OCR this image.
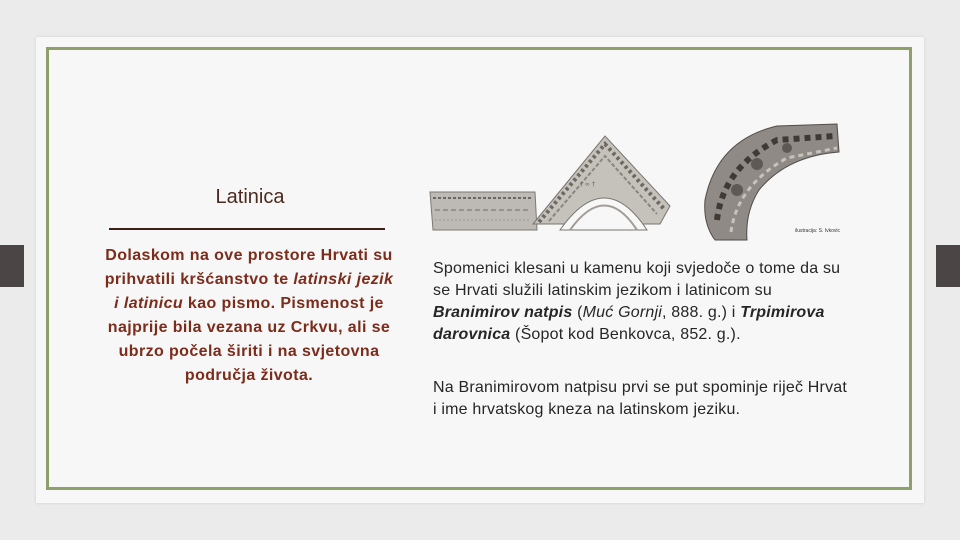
Latinica
Dolaskom na ove prostore Hrvati su prihvatili kršćanstvo te latinski jezik i latinicu kao pismo. Pismenost je najprije bila vezana uz Crkvu, ali se ubrzo počela širiti i na svjetovna područja života.
† ∞ †
ilustracija: S. Ivkovic
Spomenici klesani u kamenu koji svjedoče o tome da su se Hrvati služili latinskim jezikom i latinicom su Branimirov natpis (Muć Gornji, 888. g.) i Trpimirova darovnica (Šopot kod Benkovca, 852. g.).
Na Branimirovom natpisu prvi se put spominje riječ Hrvat i ime hrvatskog kneza na latinskom jeziku.
